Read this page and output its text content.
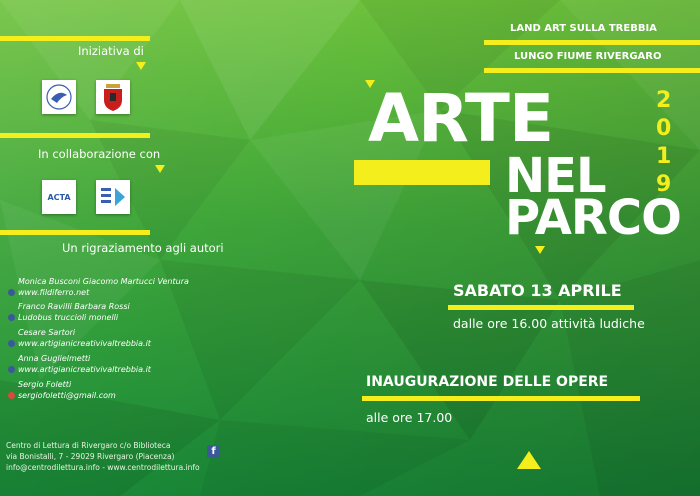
Iniziativa di
In collaborazione con
ACTA
Un rigraziamento agli autori
Monica Busconi Giacomo Martucci Ventura
www.fildiferro.net
Franco Ravilli Barbara Rossi
Ludobus truccioli monelli
Cesare Sartori
www.artigianicreativivaltrebbia.it
Anna Guglielmetti
www.artigianicreativivaltrebbia.it
Sergio Foletti
sergiofoletti@gmail.com
Centro di Lettura di Rivergaro c/o Biblioteca
via Bonistalli, 7 - 29029 Rivergaro (Piacenza)
info@centrodilettura.info - www.centrodilettura.info
f
LAND ART SULLA TREBBIA
LUNGO FIUME RIVERGARO
ARTE
NEL
PARCO
2
0
1
9
SABATO 13 APRILE
dalle ore 16.00 attività ludiche
INAUGURAZIONE DELLE OPERE
alle ore 17.00
